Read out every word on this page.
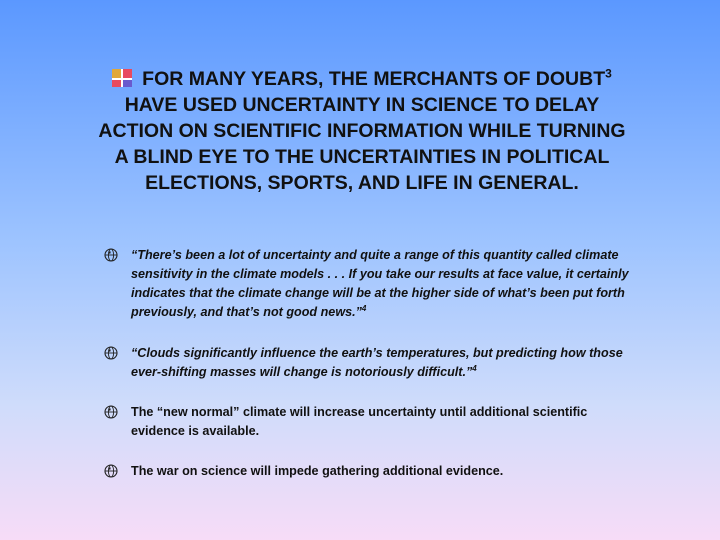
FOR MANY YEARS, THE MERCHANTS OF DOUBT$^3$ HAVE USED UNCERTAINTY IN SCIENCE TO DELAY ACTION ON SCIENTIFIC INFORMATION WHILE TURNING A BLIND EYE TO THE UNCERTAINTIES IN POLITICAL ELECTIONS, SPORTS, AND LIFE IN GENERAL.
“There’s been a lot of uncertainty and quite a range of this quantity called climate sensitivity in the climate models . . . If you take our results at face value, it certainly indicates that the climate change will be at the higher side of what’s been put forth previously, and that’s not good news.”$^4$
“Clouds significantly influence the earth’s temperatures, but predicting how those ever-shifting masses will change is notoriously difficult.”$^4$
The “new normal” climate will increase uncertainty until additional scientific evidence is available.
The war on science will impede gathering additional evidence.
